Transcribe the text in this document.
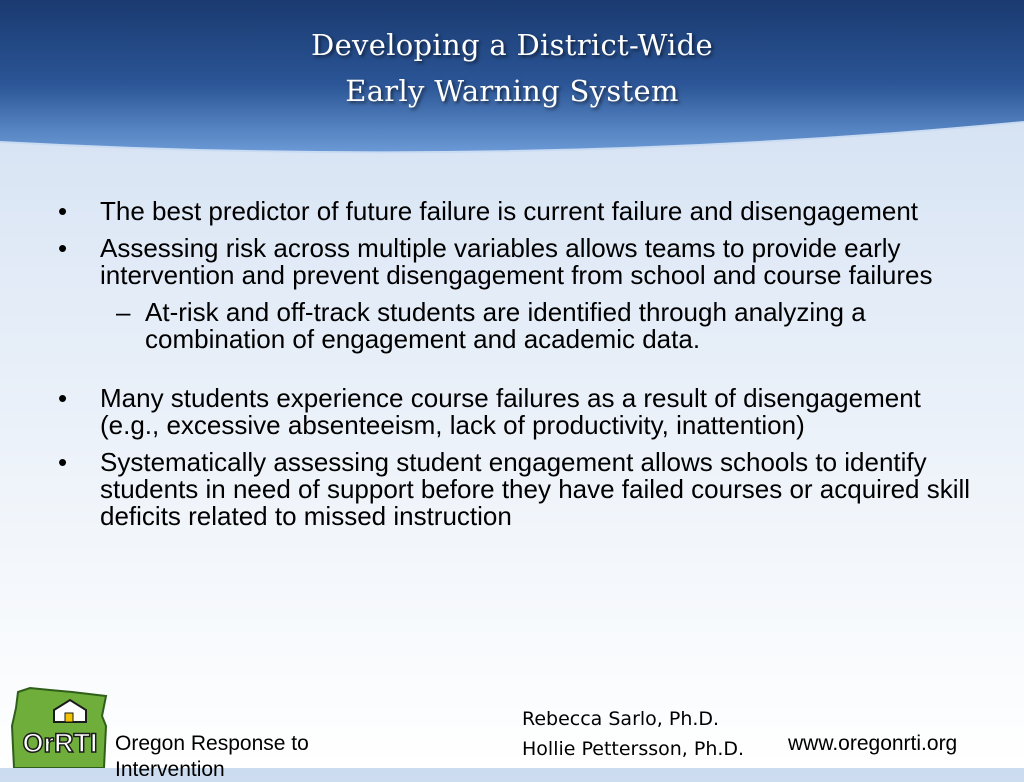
Developing a District-Wide
Early Warning System
•	The best predictor of future failure is current failure and disengagement
•	Assessing risk across multiple variables allows teams to provide early intervention and prevent disengagement from school and course failures
– At-risk and off-track students are identified through analyzing a combination of engagement and academic data.
•	Many students experience course failures as a result of disengagement (e.g., excessive absenteeism, lack of productivity, inattention)
•	Systematically assessing student engagement allows schools to identify students in need of support before they have failed courses or acquired skill deficits related to missed instruction
OrRTI Oregon Response to
Intervention
Rebecca Sarlo, Ph.D.
Hollie Pettersson, Ph.D. www.oregonrti.org
